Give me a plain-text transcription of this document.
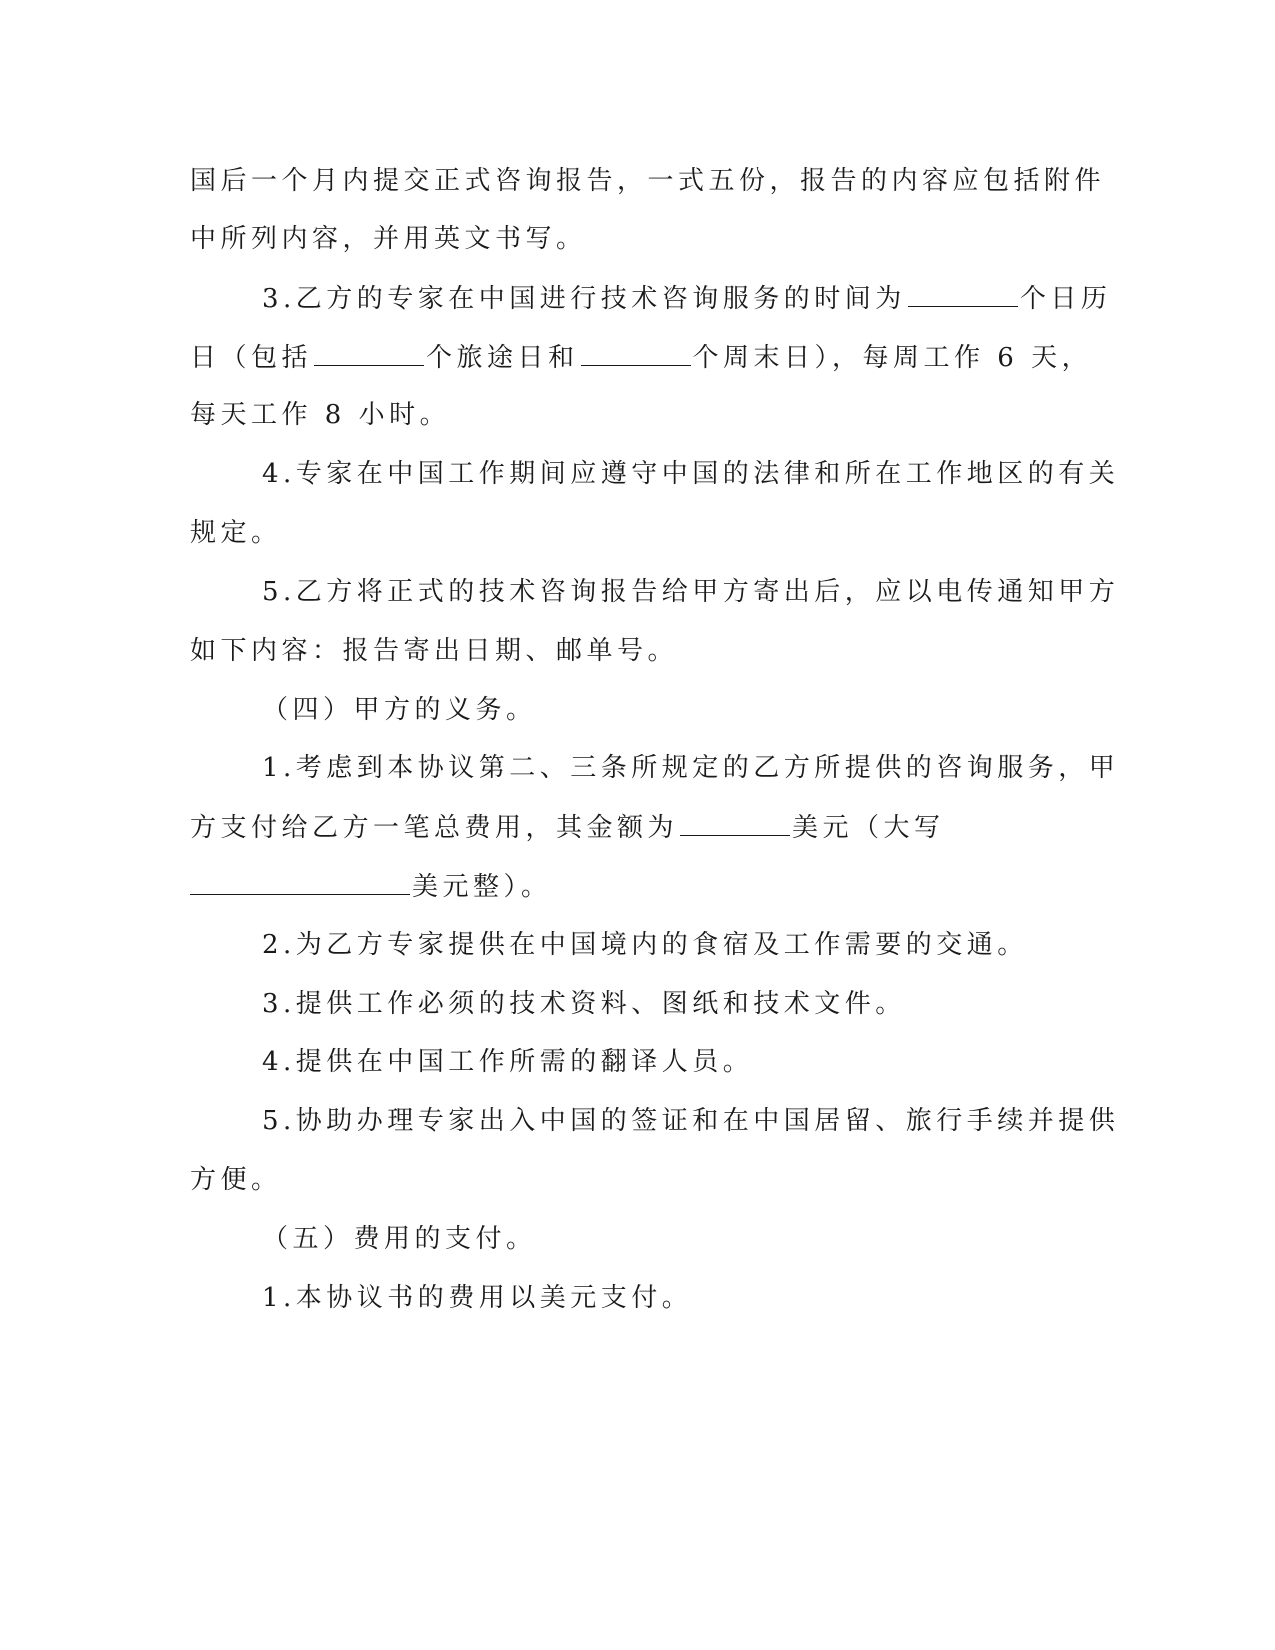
国后一个月内提交正式咨询报告，一式五份，报告的内容应包括附件
中所列内容，并用英文书写。
3.乙方的专家在中国进行技术咨询服务的时间为	个日历
日（包括	个旅途日和	个周末日），每周工作 6 天，
每天工作 8 小时。
4.专家在中国工作期间应遵守中国的法律和所在工作地区的有关
规定。
5.乙方将正式的技术咨询报告给甲方寄出后，应以电传通知甲方
如下内容：报告寄出日期、邮单号。
（四）甲方的义务。
1.考虑到本协议第二、三条所规定的乙方所提供的咨询服务，甲
方支付给乙方一笔总费用，其金额为	美元（大写
美元整）。
2.为乙方专家提供在中国境内的食宿及工作需要的交通。
3.提供工作必须的技术资料、图纸和技术文件。
4.提供在中国工作所需的翻译人员。
5.协助办理专家出入中国的签证和在中国居留、旅行手续并提供
方便。
（五）费用的支付。
1.本协议书的费用以美元支付。
